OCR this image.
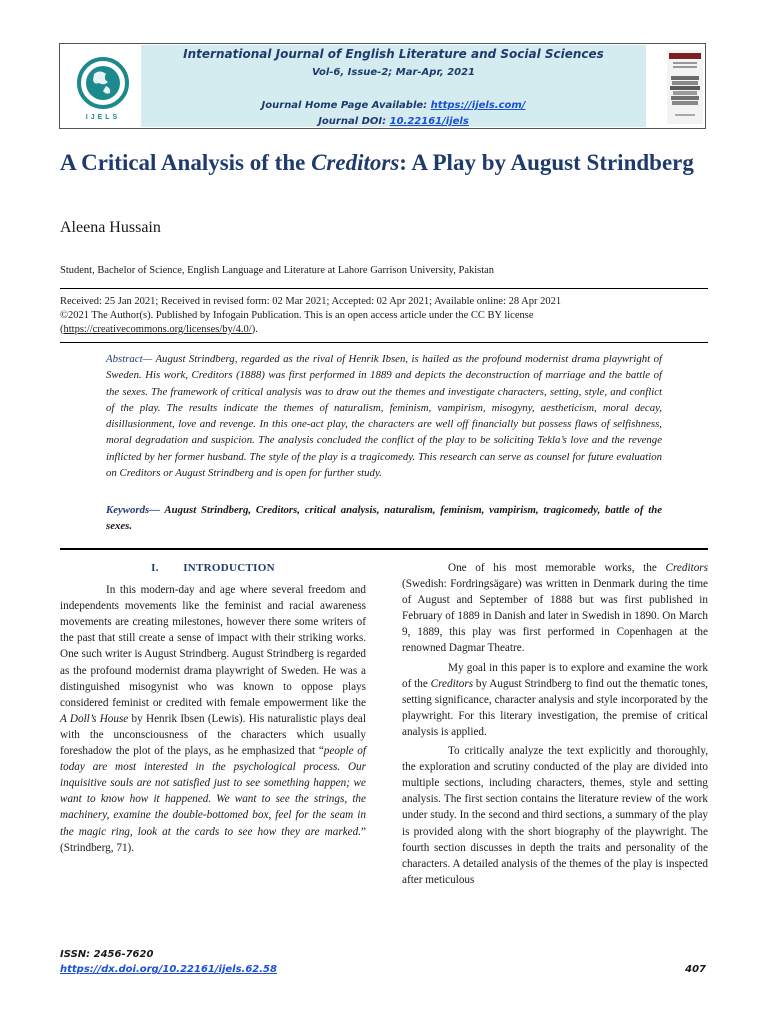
IJELS
International Journal of English Literature and Social Sciences
Vol-6, Issue-2; Mar-Apr, 2021
Journal Home Page Available: https://ijels.com/
Journal DOI: 10.22161/ijels
A Critical Analysis of the Creditors: A Play by August Strindberg
Aleena Hussain
Student, Bachelor of Science, English Language and Literature at Lahore Garrison University, Pakistan
Received: 25 Jan 2021; Received in revised form: 02 Mar 2021; Accepted: 02 Apr 2021; Available online: 28 Apr 2021
©2021 The Author(s). Published by Infogain Publication. This is an open access article under the CC BY license
(https://creativecommons.org/licenses/by/4.0/).
Abstract— August Strindberg, regarded as the rival of Henrik Ibsen, is hailed as the profound modernist drama playwright of Sweden. His work, Creditors (1888) was first performed in 1889 and depicts the deconstruction of marriage and the battle of the sexes. The framework of critical analysis was to draw out the themes and investigate characters, setting, style, and conflict of the play. The results indicate the themes of naturalism, feminism, vampirism, misogyny, aestheticism, moral decay, disillusionment, love and revenge. In this one-act play, the characters are well off financially but possess flaws of selfishness, moral degradation and suspicion. The analysis concluded the conflict of the play to be soliciting Tekla’s love and the revenge inflicted by her former husband. The style of the play is a tragicomedy. This research can serve as counsel for future evaluation on Creditors or August Strindberg and is open for further study.
Keywords— August Strindberg, Creditors, critical analysis, naturalism, feminism, vampirism, tragicomedy, battle of the sexes.
I. INTRODUCTION

In this modern-day and age where several freedom and independents movements like the feminist and racial awareness movements are creating milestones, however there some writers of the past that still create a sense of impact with their striking works. One such writer is August Strindberg. August Strindberg is regarded as the profound modernist drama playwright of Sweden. He was a distinguished misogynist who was known to oppose plays considered feminist or credited with female empowerment like the A Doll’s House by Henrik Ibsen (Lewis). His naturalistic plays deal with the unconsciousness of the characters which usually foreshadow the plot of the plays, as he emphasized that “people of today are most interested in the psychological process. Our inquisitive souls are not satisfied just to see something happen; we want to know how it happened. We want to see the strings, the machinery, examine the double-bottomed box, feel for the seam in the magic ring, look at the cards to see how they are marked.” (Strindberg, 71).

One of his most memorable works, the Creditors (Swedish: Fordringsägare) was written in Denmark during the time of August and September of 1888 but was first published in February of 1889 in Danish and later in Swedish in 1890. On March 9, 1889, this play was first performed in Copenhagen at the renowned Dagmar Theatre.

My goal in this paper is to explore and examine the work of the Creditors by August Strindberg to find out the thematic tones, setting significance, character analysis and style incorporated by the playwright. For this literary investigation, the premise of critical analysis is applied.

To critically analyze the text explicitly and thoroughly, the exploration and scrutiny conducted of the play are divided into multiple sections, including characters, themes, style and setting analysis. The first section contains the literature review of the work under study. In the second and third sections, a summary of the play is provided along with the short biography of the playwright. The fourth section discusses in depth the traits and personality of the characters. A detailed analysis of the themes of the play is inspected after meticulous

ISSN: 2456-7620
https://dx.doi.org/10.22161/ijels.62.58	407
